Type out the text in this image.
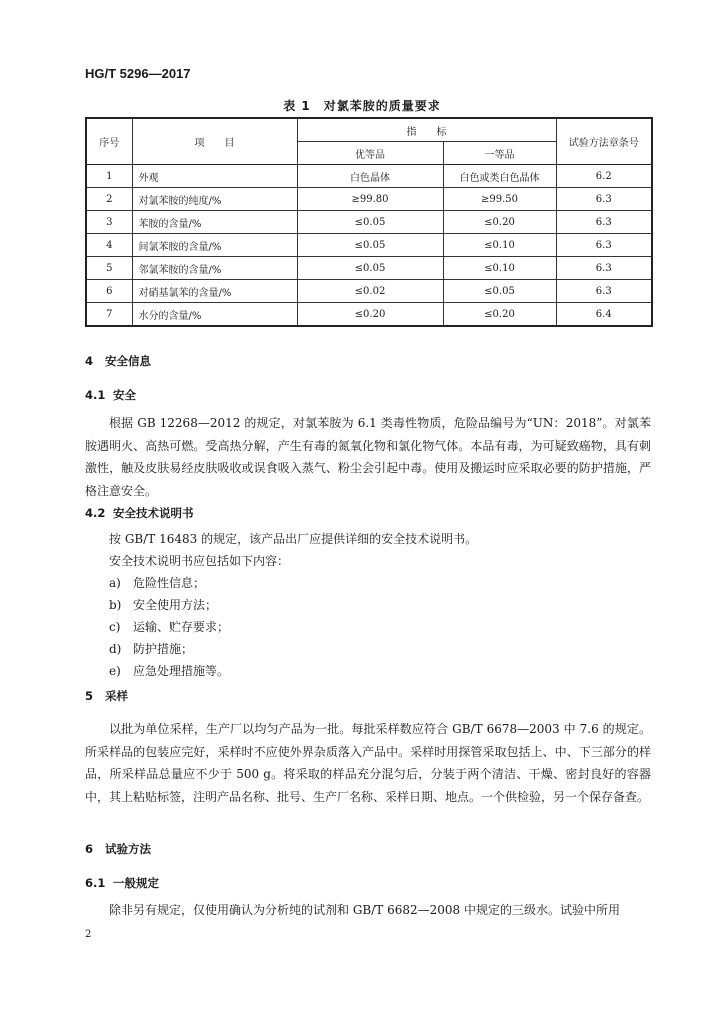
HG/T 5296—2017
表 1　对氯苯胺的质量要求
序号	项　　目	指　　标		试验方法章条号
		优等品	一等品	
1	外观	白色晶体	白色或类白色晶体	6.2
2	对氯苯胺的纯度/%	≥99.80	≥99.50	6.3
3	苯胺的含量/%	≤0.05	≤0.20	6.3
4	间氯苯胺的含量/%	≤0.05	≤0.10	6.3
5	邻氯苯胺的含量/%	≤0.05	≤0.10	6.3
6	对硝基氯苯的含量/%	≤0.02	≤0.05	6.3
7	水分的含量/%	≤0.20	≤0.20	6.4
4 安全信息
4.1 安全

根据 GB 12268—2012 的规定，对氯苯胺为 6.1 类毒性物质，危险品编号为“UN：2018”。对氯苯胺遇明火、高热可燃。受高热分解，产生有毒的氮氧化物和氯化物气体。本品有毒，为可疑致癌物，具有刺激性，触及皮肤易经皮肤吸收或误食吸入蒸气、粉尘会引起中毒。使用及搬运时应采取必要的防护措施，严格注意安全。

4.2 安全技术说明书
按 GB/T 16483 的规定，该产品出厂应提供详细的安全技术说明书。
安全技术说明书应包括如下内容：
a) 危险性信息；
b) 安全使用方法；
c) 运输、贮存要求；
d) 防护措施；
e) 应急处理措施等。
5 采样

以批为单位采样，生产厂以均匀产品为一批。每批采样数应符合 GB/T 6678—2003 中 7.6 的规定。所采样品的包装应完好，采样时不应使外界杂质落入产品中。采样时用探管采取包括上、中、下三部分的样品，所采样品总量应不少于 500 g。将采取的样品充分混匀后，分装于两个清洁、干燥、密封良好的容器中，其上粘贴标签，注明产品名称、批号、生产厂名称、采样日期、地点。一个供检验，另一个保存备查。

6 试验方法
6.1 一般规定

除非另有规定，仅使用确认为分析纯的试剂和 GB/T 6682—2008 中规定的三级水。试验中所用

2
